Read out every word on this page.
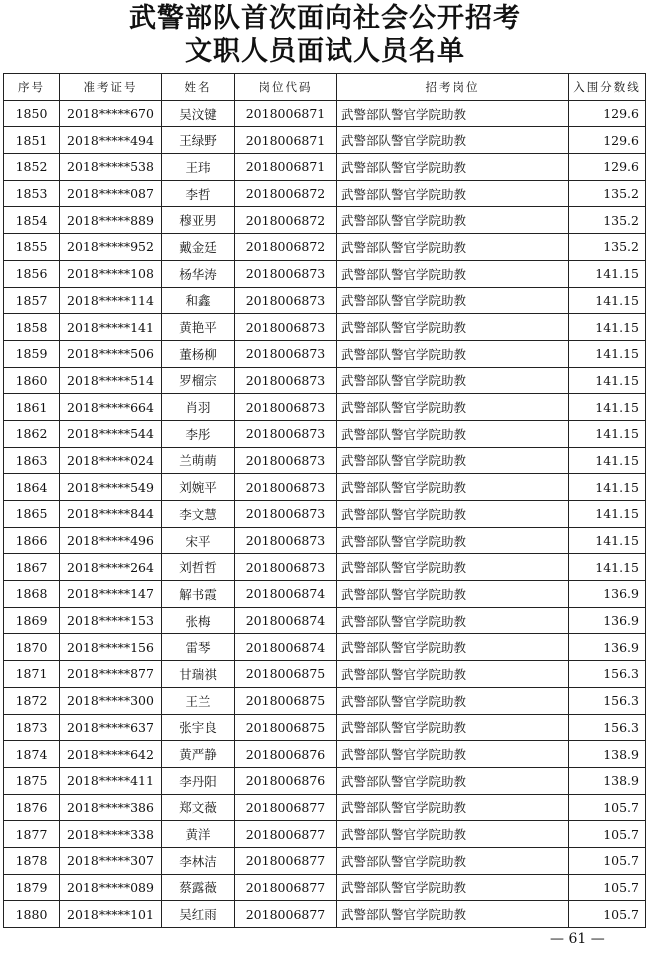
武警部队首次面向社会公开招考
文职人员面试人员名单
序号	准考证号	姓名	岗位代码	招考岗位	入围分数线
1850	2018*****670	吴汶键	2018006871	武警部队警官学院助教	129.6
1851	2018*****494	王绿野	2018006871	武警部队警官学院助教	129.6
1852	2018*****538	王玮	2018006871	武警部队警官学院助教	129.6
1853	2018*****087	李哲	2018006872	武警部队警官学院助教	135.2
1854	2018*****889	穆亚男	2018006872	武警部队警官学院助教	135.2
1855	2018*****952	戴金廷	2018006872	武警部队警官学院助教	135.2
1856	2018*****108	杨华涛	2018006873	武警部队警官学院助教	141.15
1857	2018*****114	和鑫	2018006873	武警部队警官学院助教	141.15
1858	2018*****141	黄艳平	2018006873	武警部队警官学院助教	141.15
1859	2018*****506	董杨柳	2018006873	武警部队警官学院助教	141.15
1860	2018*****514	罗榴宗	2018006873	武警部队警官学院助教	141.15
1861	2018*****664	肖羽	2018006873	武警部队警官学院助教	141.15
1862	2018*****544	李彤	2018006873	武警部队警官学院助教	141.15
1863	2018*****024	兰萌萌	2018006873	武警部队警官学院助教	141.15
1864	2018*****549	刘婉平	2018006873	武警部队警官学院助教	141.15
1865	2018*****844	李文慧	2018006873	武警部队警官学院助教	141.15
1866	2018*****496	宋平	2018006873	武警部队警官学院助教	141.15
1867	2018*****264	刘哲哲	2018006873	武警部队警官学院助教	141.15
1868	2018*****147	解书霞	2018006874	武警部队警官学院助教	136.9
1869	2018*****153	张梅	2018006874	武警部队警官学院助教	136.9
1870	2018*****156	雷琴	2018006874	武警部队警官学院助教	136.9
1871	2018*****877	甘瑞祺	2018006875	武警部队警官学院助教	156.3
1872	2018*****300	王兰	2018006875	武警部队警官学院助教	156.3
1873	2018*****637	张宇良	2018006875	武警部队警官学院助教	156.3
1874	2018*****642	黄严静	2018006876	武警部队警官学院助教	138.9
1875	2018*****411	李丹阳	2018006876	武警部队警官学院助教	138.9
1876	2018*****386	郑文薇	2018006877	武警部队警官学院助教	105.7
1877	2018*****338	黄洋	2018006877	武警部队警官学院助教	105.7
1878	2018*****307	李林洁	2018006877	武警部队警官学院助教	105.7
1879	2018*****089	蔡露薇	2018006877	武警部队警官学院助教	105.7
1880	2018*****101	吴红雨	2018006877	武警部队警官学院助教	105.7
— 61 —
